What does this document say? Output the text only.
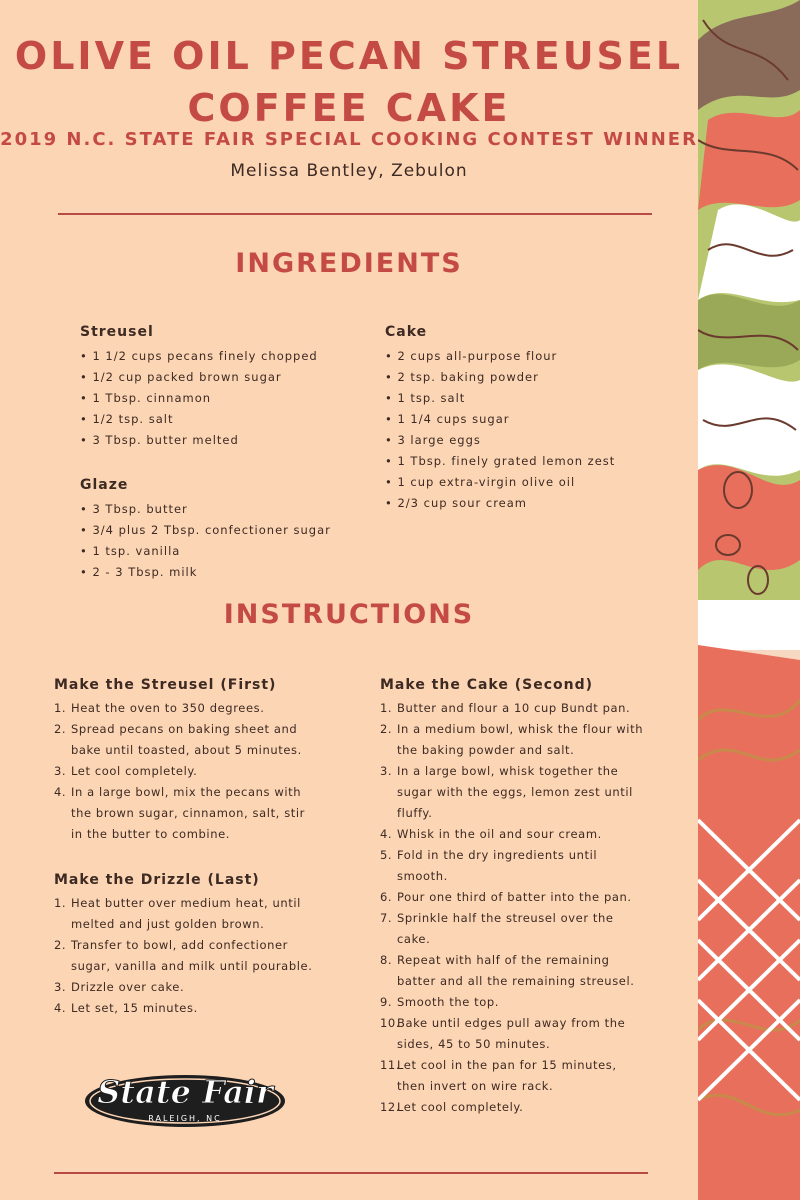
OLIVE OIL PECAN STREUSEL
COFFEE CAKE
2019 N.C. STATE FAIR SPECIAL COOKING CONTEST WINNER
Melissa Bentley, Zebulon
INGREDIENTS
Streusel
• 1 1/2 cups pecans finely chopped
• 1/2 cup packed brown sugar
• 1 Tbsp. cinnamon
• 1/2 tsp. salt
• 3 Tbsp. butter melted
Glaze
• 3 Tbsp. butter
• 3/4 plus 2 Tbsp. confectioner sugar
• 1 tsp. vanilla
• 2 - 3 Tbsp. milk
Cake
• 2 cups all-purpose flour
• 2 tsp. baking powder
• 1 tsp. salt
• 1 1/4 cups sugar
• 3 large eggs
• 1 Tbsp. finely grated lemon zest
• 1 cup extra-virgin olive oil
• 2/3 cup sour cream
INSTRUCTIONS
Make the Streusel (First)
1. Heat the oven to 350 degrees.
2. Spread pecans on baking sheet and bake until toasted, about 5 minutes.
3. Let cool completely.
4. In a large bowl, mix the pecans with the brown sugar, cinnamon, salt, stir in the butter to combine.
Make the Drizzle (Last)
1. Heat butter over medium heat, until melted and just golden brown.
2. Transfer to bowl, add confectioner sugar, vanilla and milk until pourable.
3. Drizzle over cake.
4. Let set, 15 minutes.
Make the Cake (Second)
1. Butter and flour a 10 cup Bundt pan.
2. In a medium bowl, whisk the flour with the baking powder and salt.
3. In a large bowl, whisk together the sugar with the eggs, lemon zest until fluffy.
4. Whisk in the oil and sour cream.
5. Fold in the dry ingredients until smooth.
6. Pour one third of batter into the pan.
7. Sprinkle half the streusel over the cake.
8. Repeat with half of the remaining batter and all the remaining streusel.
9. Smooth the top.
10.
Bake until edges pull away from the sides, 45 to 50 minutes.
11.
Let cool in the pan for 15 minutes, then invert on wire rack.
12.
Let cool completely.
State Fair
RALEIGH, NC
